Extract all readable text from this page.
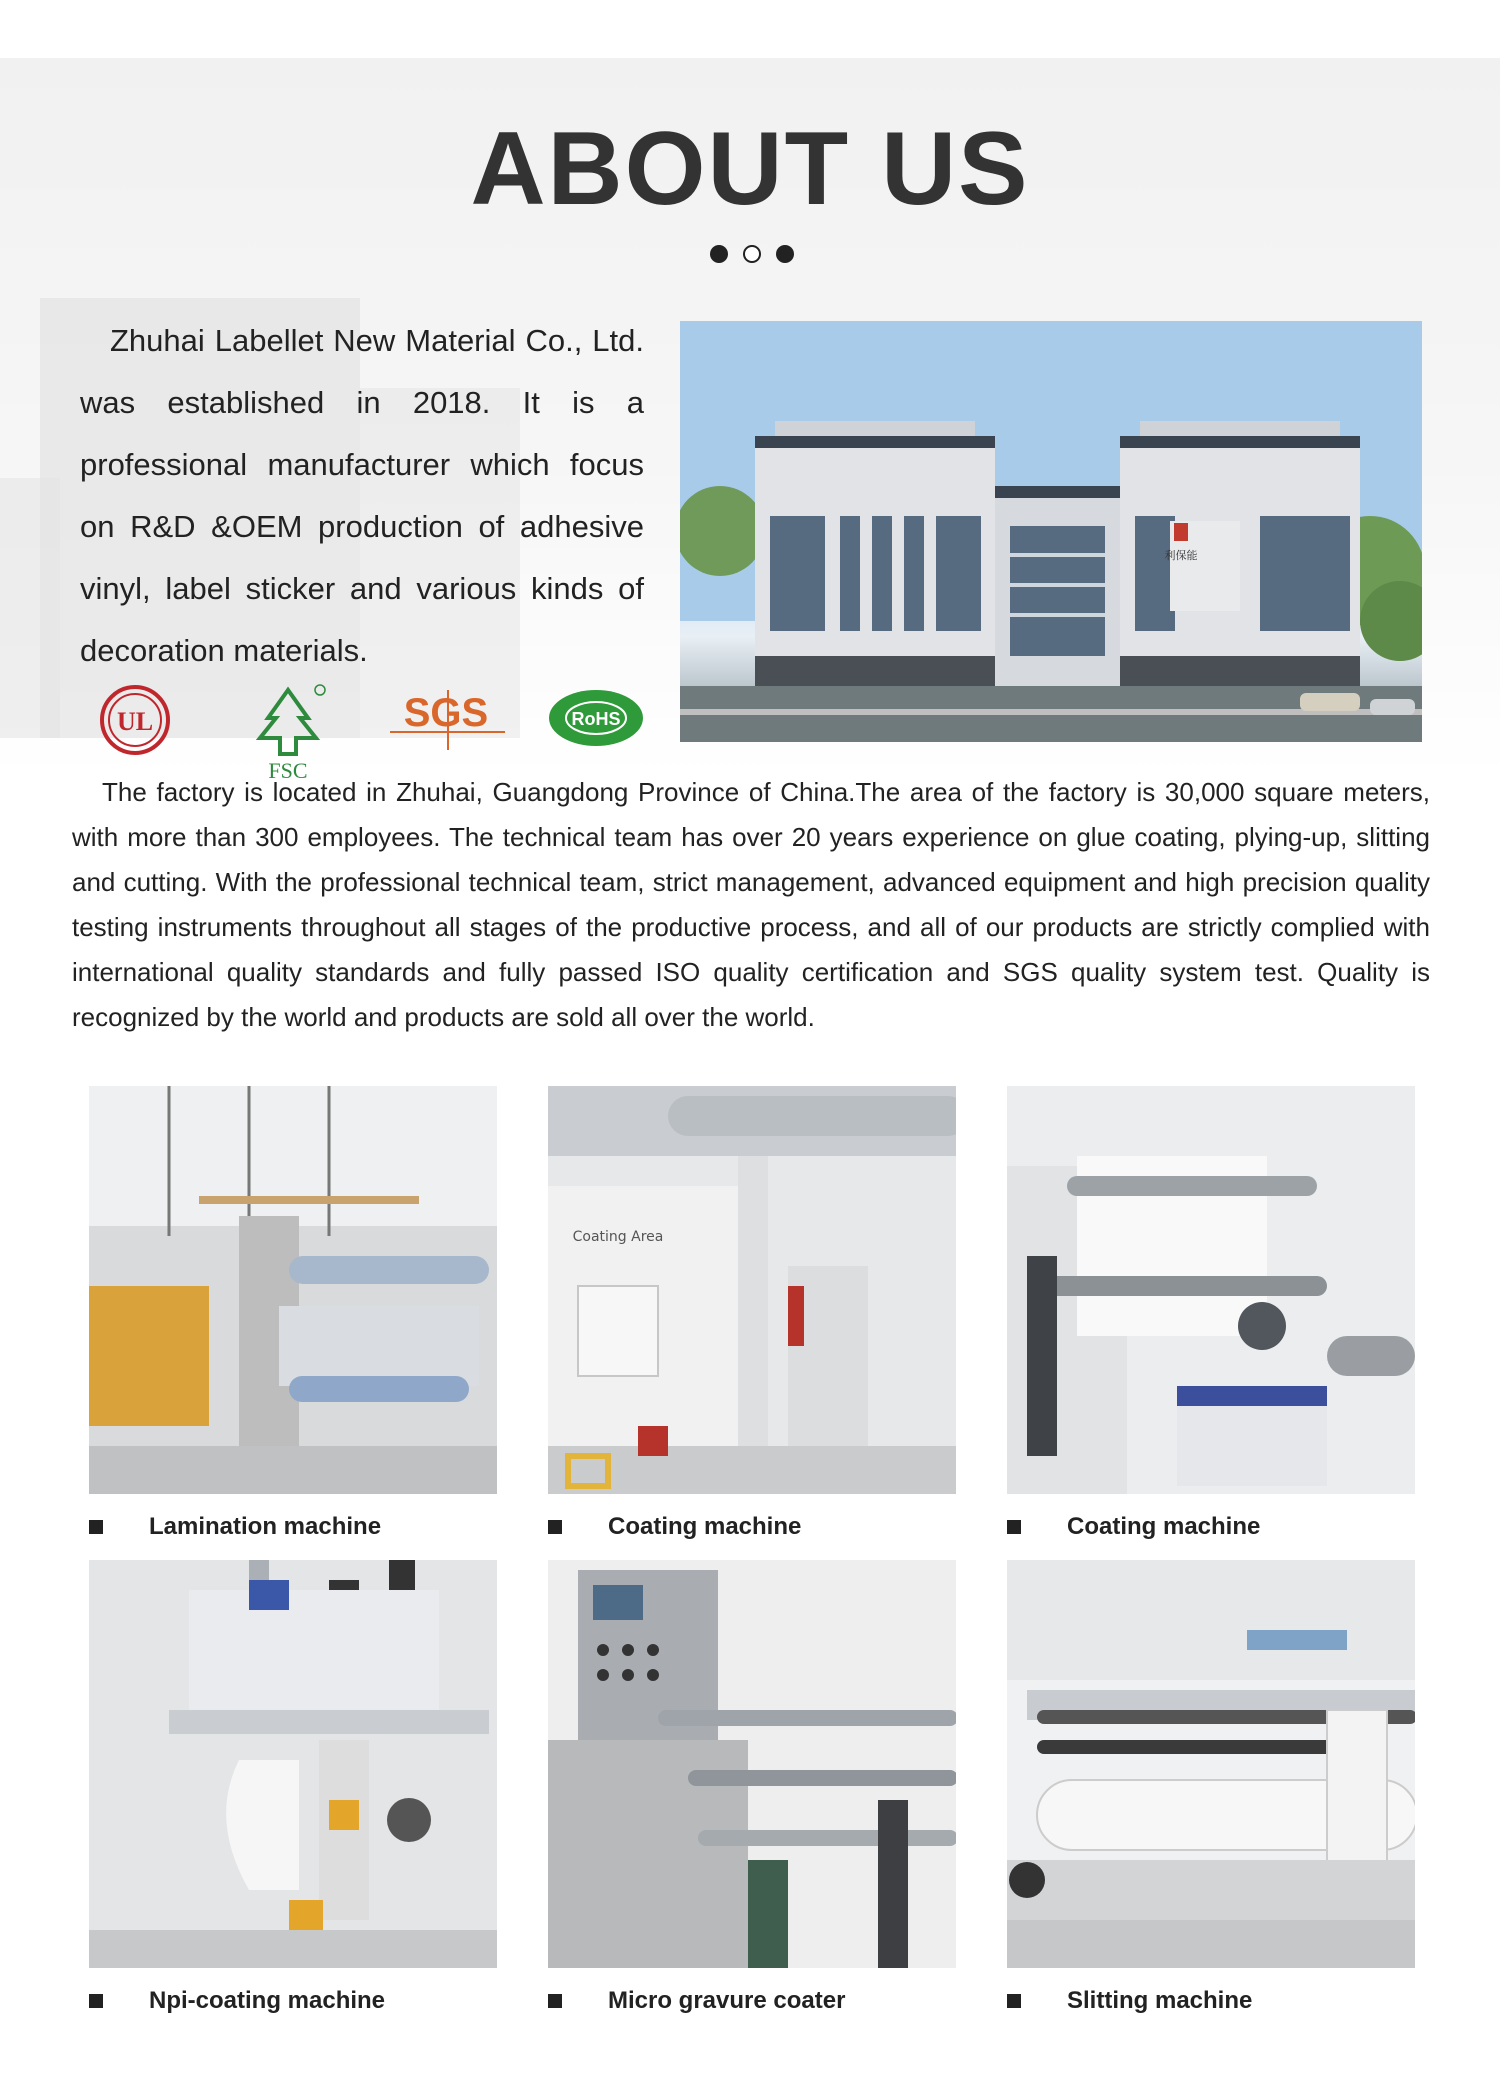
ABOUT US

Zhuhai Labellet New Material Co., Ltd. was established in 2018. It is a professional manufacturer which focus on R&D &OEM production of adhesive vinyl, label sticker and various kinds of decoration materials.

利保能
UL
FSC
SGS	RoHS

The factory is located in Zhuhai, Guangdong Province of China.The area of the factory is 30,000 square meters, with more than 300 employees. The technical team has over 20 years experience on glue coating, plying-up, slitting and cutting. With the professional technical team, strict management, advanced equipment and high precision quality testing instruments throughout all stages of the productive process, and all of our products are strictly complied with international quality standards and fully passed ISO quality certification and SGS quality system test. Quality is recognized by the world and products are sold all over the world.

Lamination machine
Coating Area
Coating machine	Coating machine
Npi-coating machine	Micro gravure coater	Slitting machine
